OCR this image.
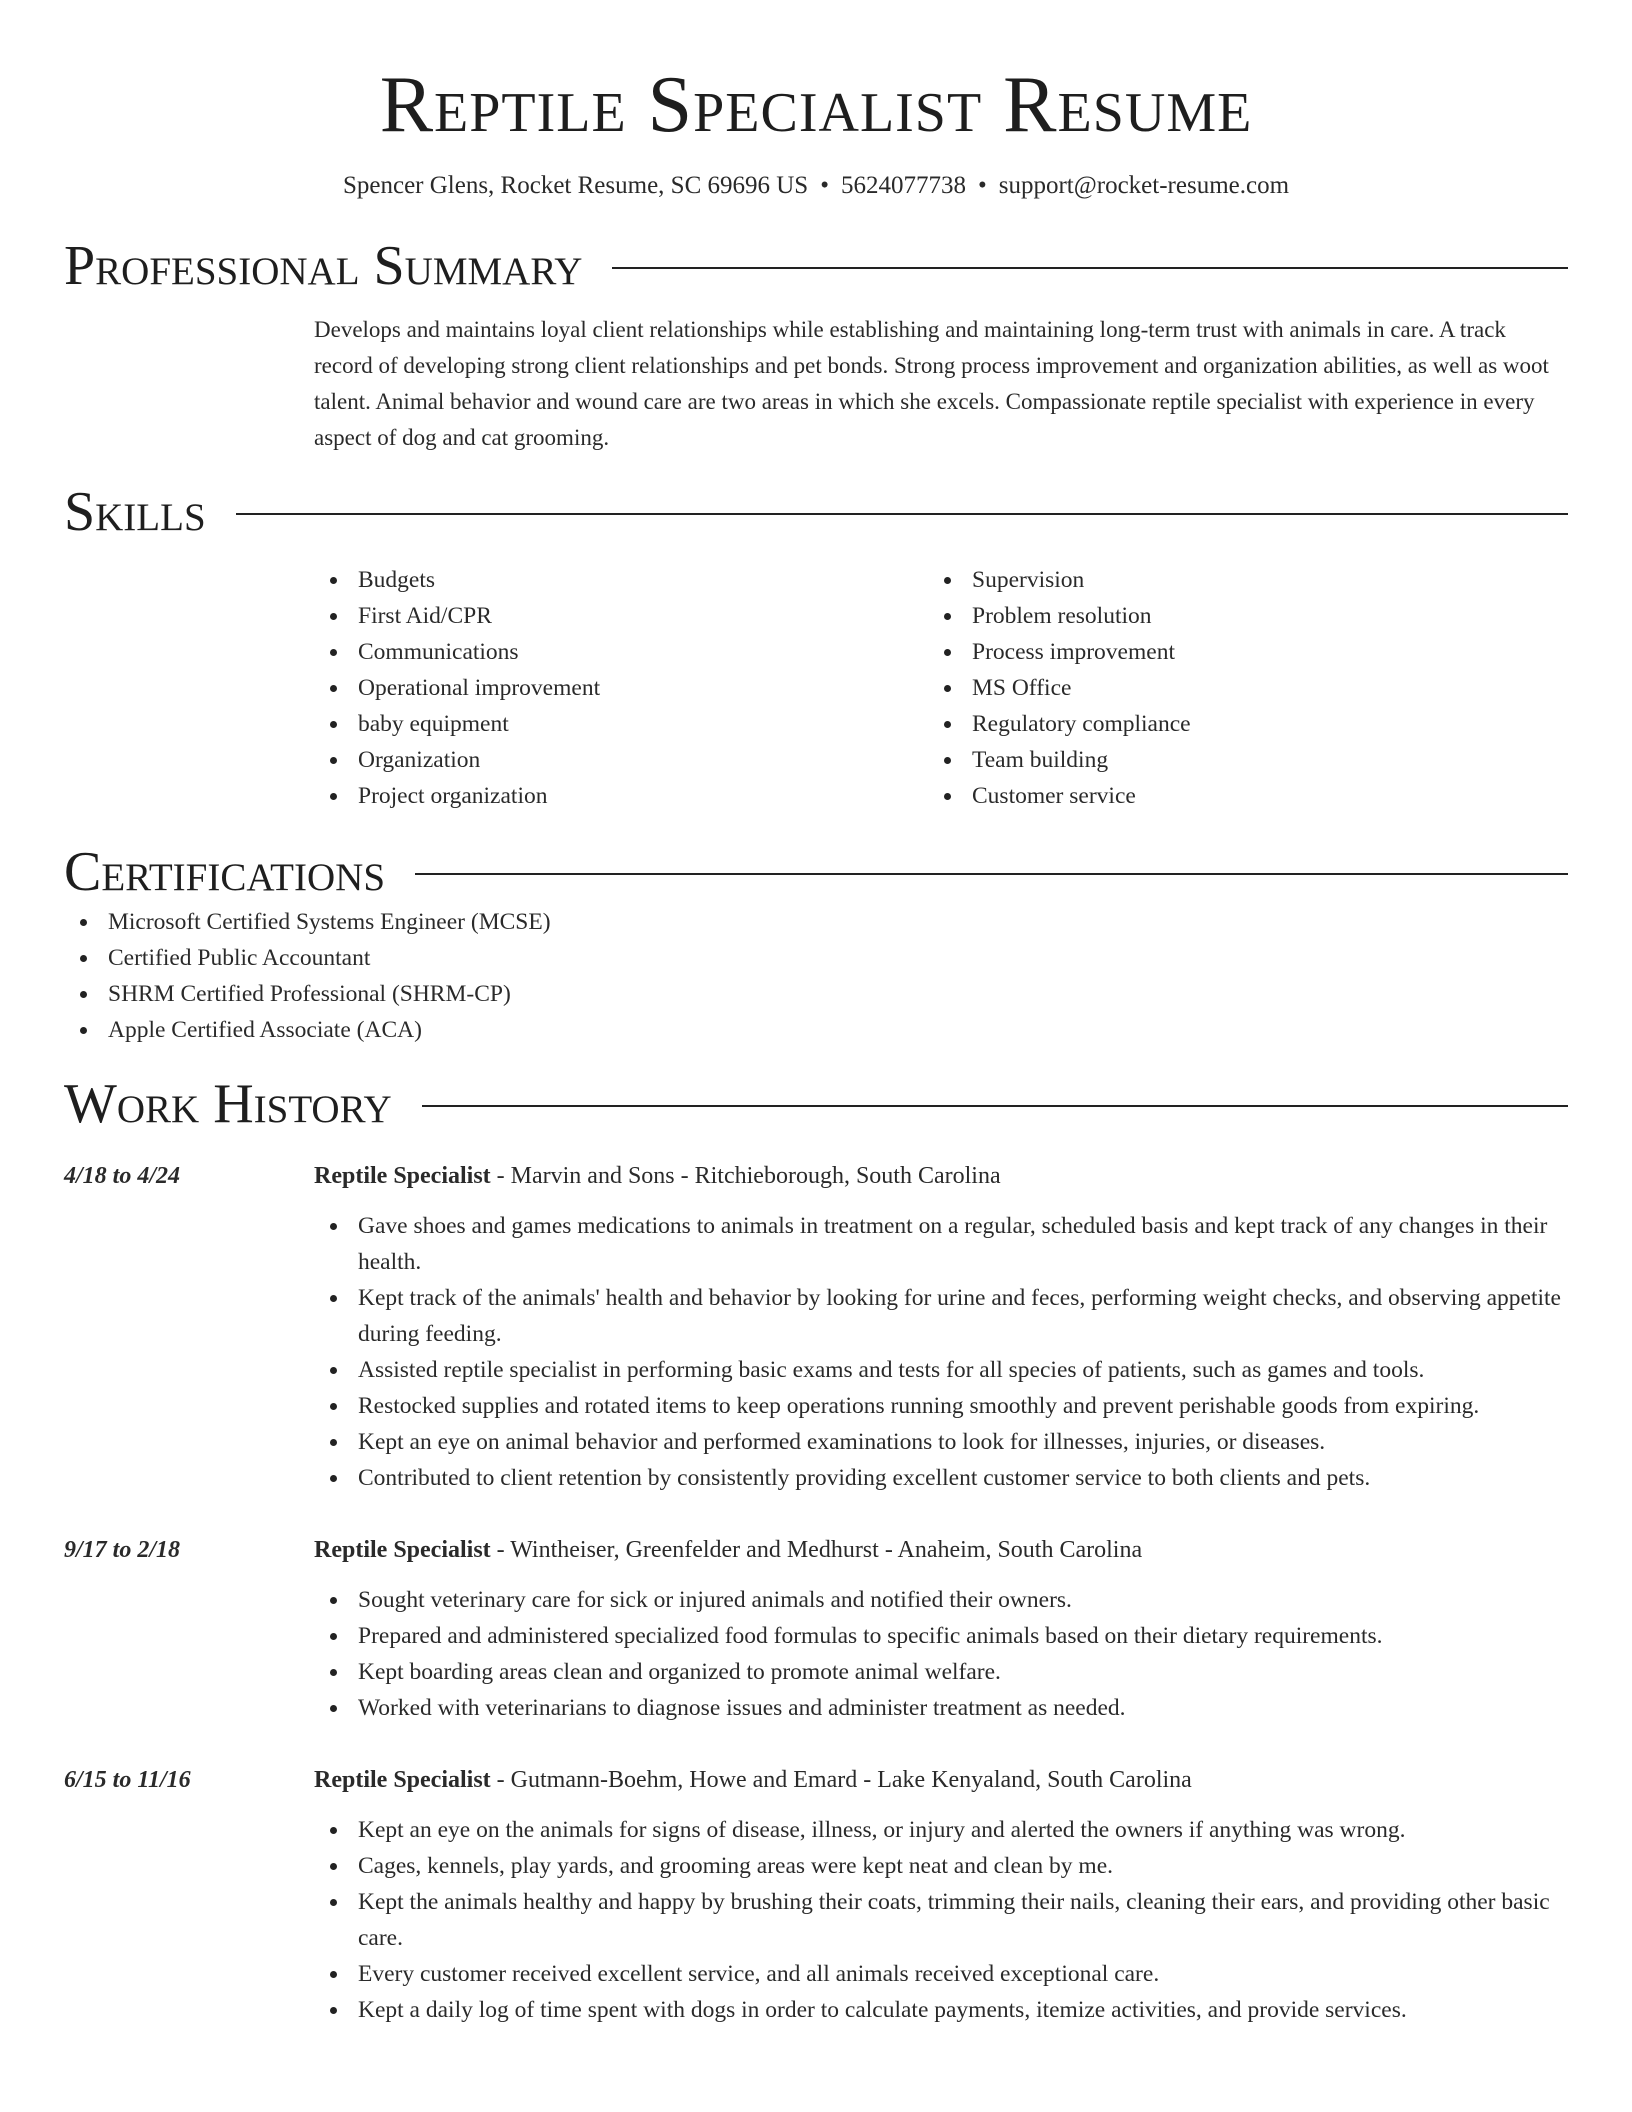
Reptile Specialist Resume
Spencer Glens, Rocket Resume, SC 69696 US • 5624077738 • support@rocket-resume.com
Professional Summary

Develops and maintains loyal client relationships while establishing and maintaining long-term trust with animals in care. A track record of developing strong client relationships and pet bonds. Strong process improvement and organization abilities, as well as woot talent. Animal behavior and wound care are two areas in which she excels. Compassionate reptile specialist with experience in every aspect of dog and cat grooming.

Skills
Budgets
First Aid/CPR
Communications
Operational improvement
baby equipment
Organization
Project organization
Supervision
Problem resolution
Process improvement
MS Office
Regulatory compliance
Team building
Customer service
Certifications
Microsoft Certified Systems Engineer (MCSE)
Certified Public Accountant
SHRM Certified Professional (SHRM-CP)
Apple Certified Associate (ACA)
Work History
4/18 to 4/24	Reptile Specialist - Marvin and Sons - Ritchieborough, South Carolina
Gave shoes and games medications to animals in treatment on a regular, scheduled basis and kept track of any changes in their health.
Kept track of the animals' health and behavior by looking for urine and feces, performing weight checks, and observing appetite during feeding.
Assisted reptile specialist in performing basic exams and tests for all species of patients, such as games and tools.
Restocked supplies and rotated items to keep operations running smoothly and prevent perishable goods from expiring.
Kept an eye on animal behavior and performed examinations to look for illnesses, injuries, or diseases.
Contributed to client retention by consistently providing excellent customer service to both clients and pets.
9/17 to 2/18	Reptile Specialist - Wintheiser, Greenfelder and Medhurst - Anaheim, South Carolina
Sought veterinary care for sick or injured animals and notified their owners.
Prepared and administered specialized food formulas to specific animals based on their dietary requirements.
Kept boarding areas clean and organized to promote animal welfare.
Worked with veterinarians to diagnose issues and administer treatment as needed.
6/15 to 11/16	Reptile Specialist - Gutmann-Boehm, Howe and Emard - Lake Kenyaland, South Carolina
Kept an eye on the animals for signs of disease, illness, or injury and alerted the owners if anything was wrong.
Cages, kennels, play yards, and grooming areas were kept neat and clean by me.
Kept the animals healthy and happy by brushing their coats, trimming their nails, cleaning their ears, and providing other basic care.
Every customer received excellent service, and all animals received exceptional care.
Kept a daily log of time spent with dogs in order to calculate payments, itemize activities, and provide services.
